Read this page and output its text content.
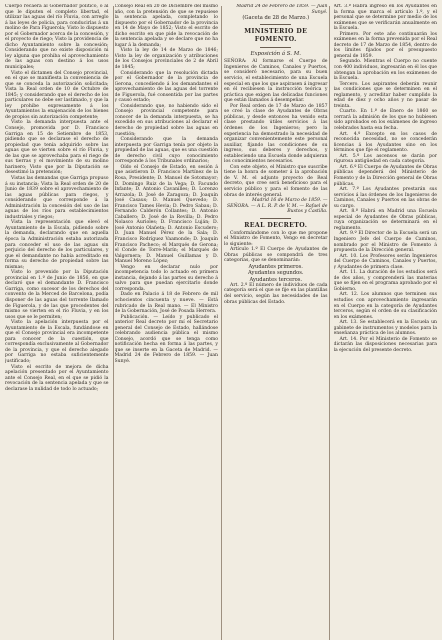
Cuerpo recaerá al Gobernador político, ó al que le diputen el completo libertad, el utilizar las aguas del río Fluvia, con arreglo á las leyes de policía, para conducirlas á un molino de Para Figuerola; Visto lo dispuesto por el Gobernador acerca de la concesión, y el proyecto de riego; Visto la providencia de dicho Ayuntamiento sobre la concesión; Considerando que no existe disposición ni ley alguna que prohiba el aprovechamiento de las aguas con destino á los usos municipales;

Visto el dictamen del Consejo provincial, en el que se manifiesta la conveniencia de que se conceda la autorización solicitada; Vista la Real orden de 10 de Octubre de 1845; y considerando que el derecho de los particulares no debe ser lastimado, y que la ley prohibe expresamente á los Ayuntamientos la enajenación de los bienes de propios sin autorización competente;

Visto la demanda interpuesta ante el Consejo, promovida por D. Francisco Garriga en 15 de Setiembre de 1853, pidiendo que se declarase el derecho de propiedad que tenía adquirido sobre las aguas que se vierten sobre el río Fluvia, y de las que se aprovechaba para el riego de sus tierras y el movimiento de su molino harinero; Visto que por la Diputación se desestimó la pretensión;

Vistas las demandas que Garriga propuso á su instancia; Vista la Real orden de 20 de Junio de 1839 sobre el aprovechamiento de las aguas públicas para riegos, y considerando que corresponde á la Administración la concesión del uso de las aguas de los ríos para establecimientos industriales y riegos;

Vista la representación que elevó el Ayuntamiento de la Escala, pidiendo sobre la demanda, declarando que en aquella época la Administración estaba autorizada para conceder el uso de las aguas sin perjuicio del derecho de los particulares, y que el demandante no había acreditado en forma su derecho de propiedad sobre las mismas;

Visto lo prevenido por la Diputación provincial en 1.º de Junio de 1856, en que declaró que el demandante D. Francisco Garriga, como sucesor de los derechos del convento de la Merced de Barcelona, podía disponer de las aguas del torrente llamado de Figuerola, y de las que procedentes del mismo se vierten en el río Fluvia, y en los usos que se le permiten;

Visto la apelación interpuesta por el Ayuntamiento de la Escala, fundándose en que el Consejo provincial era incompetente para conocer de la cuestión, que correspondía exclusivamente al Gobernador de la provincia, y que el derecho alegado por Garriga no estaba suficientemente justificado;

Visto el escrito de mejora de dicha apelación presentado por el Ayuntamiento ante el Consejo Real, en el que se pidió la revocación de la sentencia apelada y que se declarase la nulidad de todo lo actuado;

Consejo Real en 20 de Diciembre del mismo año, con la pretensión de que se repusiese la sentencia apelada, completando lo dispuesto por el Gobernador de la provincia en 14 de Mayo de 1852; Visto el escrito de dicho escrito en que pide la revocación de la sentencia apelada y se declare que no ha lugar á la demanda;

Visto la ley de 14 de Marzo de 1846; Visto la ley de organización y atribuciones de los Consejos provinciales de 2 de Abril de 1845;

Considerando que la resolución dictada por el Gobernador de la provincia de Gerona, concediendo á los demandantes el aprovechamiento de las aguas del torrente de Figuerola, fué consentida por las partes y causó estado;

Considerando que, no habiendo sido el Consejo provincial competente para conocer de la demanda interpuesta, se ha excedido en sus atribuciones al declarar el derecho de propiedad sobre las aguas en cuestión;

Considerando que la demanda interpuesta por Garriga tenía por objeto la propiedad de las aguas, que es una cuestión de derecho civil cuyo conocimiento corresponde á los Tribunales ordinarios;

Oído el Consejo de Estado, en sesión á que asistieron D. Francisco Martínez de la Rosa, Presidente; D. Manuel de Sotomayor; D. Domingo Ruiz de la Vega; D. Facundo Infante; D. Antonio Cavanilles; D. Lorenzo Arrazola; D. José de Zaragoza; D. Joaquín José Casaus; D. Manuel Quevedo; D. Francisco Tames Hevia; D. Pedro Sabau; D. Fernando Calderón Collantes; D. Antonio Caballero; D. José de la Revilla; D. Pedro Nolasco Aurioles; D. Francisco Luján; D. José Antonio Olañeta; D. Antonio Escudero; D. Juan Manuel Pérez de la Sala; D. Francisco Rodríguez Vaamonde; D. Joaquín Francisco Pacheco; el Marqués de Gerona; el Conde de Torre-Marín; el Marqués de Valgornera; D. Manuel Guillamas y D. Manuel Moreno López;

Vengo en declarar nulo por incompetencia todo lo actuado en primera instancia, dejando á las partes su derecho á salvo para que puedan ejercitarlo donde corresponda.

Dado en Palacio á 18 de Febrero de mil ochocientos cincuenta y nueve. — Está rubricado de la Real mano. — El Ministro de la Gobernación, José de Posada Herrera.

Publicación. — Leído y publicado el anterior Real decreto por mí el Secretario general del Consejo de Estado, hallándose celebrando audiencia pública el mismo Consejo, acordó que se tenga como notificación hecha en forma á las partes, y que se inserte en la Gaceta de Madrid. — Madrid 24 de Febrero de 1859. — Juan Sunyé.

Madrid 24 de Febrero de 1859. — Juan Sunyé.

(Gaceta de 28 de Marzo.)

MINISTERIO DE FOMENTO.
Exposición á S. M.

SEÑORA: Al formarse el Cuerpo de Ingenieros de Caminos, Canales y Puertos, se consideró necesario, para su buen servicio, el establecimiento de una Escuela especial en que los que aspirasen á ingresar en él recibiesen la instrucción teórica y práctica que exigen las delicadas funciones que están llamados á desempeñar.

Por Real orden de 17 de Marzo de 1857 se creó la clase de Ayudantes de Obras públicas, y desde entonces ha venido esta clase prestando útiles servicios á las órdenes de los Ingenieros; pero la experiencia ha demostrado la necesidad de organizar convenientemente este personal auxiliar, fijando las condiciones de su ingreso, sus deberes y derechos, y estableciendo una Escuela donde adquieran los conocimientos necesarios.

Con este objeto, el Ministro que suscribe tiene la honra de someter á la aprobación de V. M. el adjunto proyecto de Real decreto, que cree será beneficioso para el servicio público y para el fomento de las obras de interés general.

Madrid 16 de Marzo de 1859. — SEÑORA. — A L. R. P. de V. M. — Rafael de Bustos y Castilla.

REAL DECRETO.

Conformándome con lo que me propone el Ministro de Fomento, Vengo en decretar lo siguiente:

Artículo 1.º El Cuerpo de Ayudantes de Obras públicas se compondrá de tres categorías, que se denominarán:

Ayudantes primeros.

Ayudantes segundos.

Ayudantes terceros.

Art. 2.º El número de individuos de cada categoría será el que se fije en las plantillas del servicio, según las necesidades de las obras públicas del Estado.

Art. 3.º Habrá ingreso en los Ayudantes en la forma que marca el artículo 1.º, y el personal que se determine por medio de los exámenes que se verificarán anualmente en la Escuela.

Primero. Por este año continuarán los exámenes en la forma prevenida por el Real decreto de 17 de Marzo de 1854, dentro de los límites fijados por el presupuesto general de 1859.

Segundo. Mientras el Cuerpo no cuente con 400 individuos, ingresarán en él los que obtengan la aprobación en los exámenes de la Escuela.

Tercero. Los aspirantes deberán reunir las condiciones que se determinen en el reglamento, y acreditar haber cumplido la edad de diez y ocho años y no pasar de treinta.

Cuarto. En 1.º de Enero de 1860 se cerrará la admisión de los que no hubiesen sido aprobados en los exámenes de ingreso celebrados hasta esa fecha.

Art. 4.º Excepto en los casos de reconocida necesidad, no se concederán licencias á los Ayudantes sino en los términos que fije el reglamento.

Art. 5.º Los ascensos se darán por rigurosa antigüedad en cada categoría.

Art. 6.º El Cuerpo de Ayudantes de Obras públicas dependerá del Ministerio de Fomento y de la Dirección general de Obras públicas.

Art. 7.º Los Ayudantes prestarán sus servicios á las órdenes de los Ingenieros de Caminos, Canales y Puertos en las obras de su cargo.

Art. 8.º Habrá en Madrid una Escuela especial de Ayudantes de Obras públicas, cuya organización se determinará en el reglamento.

Art. 9.º El Director de la Escuela será un Ingeniero Jefe del Cuerpo de Caminos, nombrado por el Ministro de Fomento á propuesta de la Dirección general.

Art. 10. Los Profesores serán Ingenieros del Cuerpo de Caminos, Canales y Puertos, y Ayudantes de primera clase.

Art. 11. La duración de los estudios será de dos años, y comprenderá las materias que se fijen en el programa aprobado por el Gobierno.

Art. 12. Los alumnos que terminen sus estudios con aprovechamiento ingresarán en el Cuerpo en la categoría de Ayudantes terceros, según el orden de su clasificación en los exámenes.

Art. 13. Se establecerá en la Escuela un gabinete de instrumentos y modelos para la enseñanza práctica de los alumnos.

Art. 14. Por el Ministerio de Fomento se dictarán las disposiciones necesarias para la ejecución del presente decreto.
